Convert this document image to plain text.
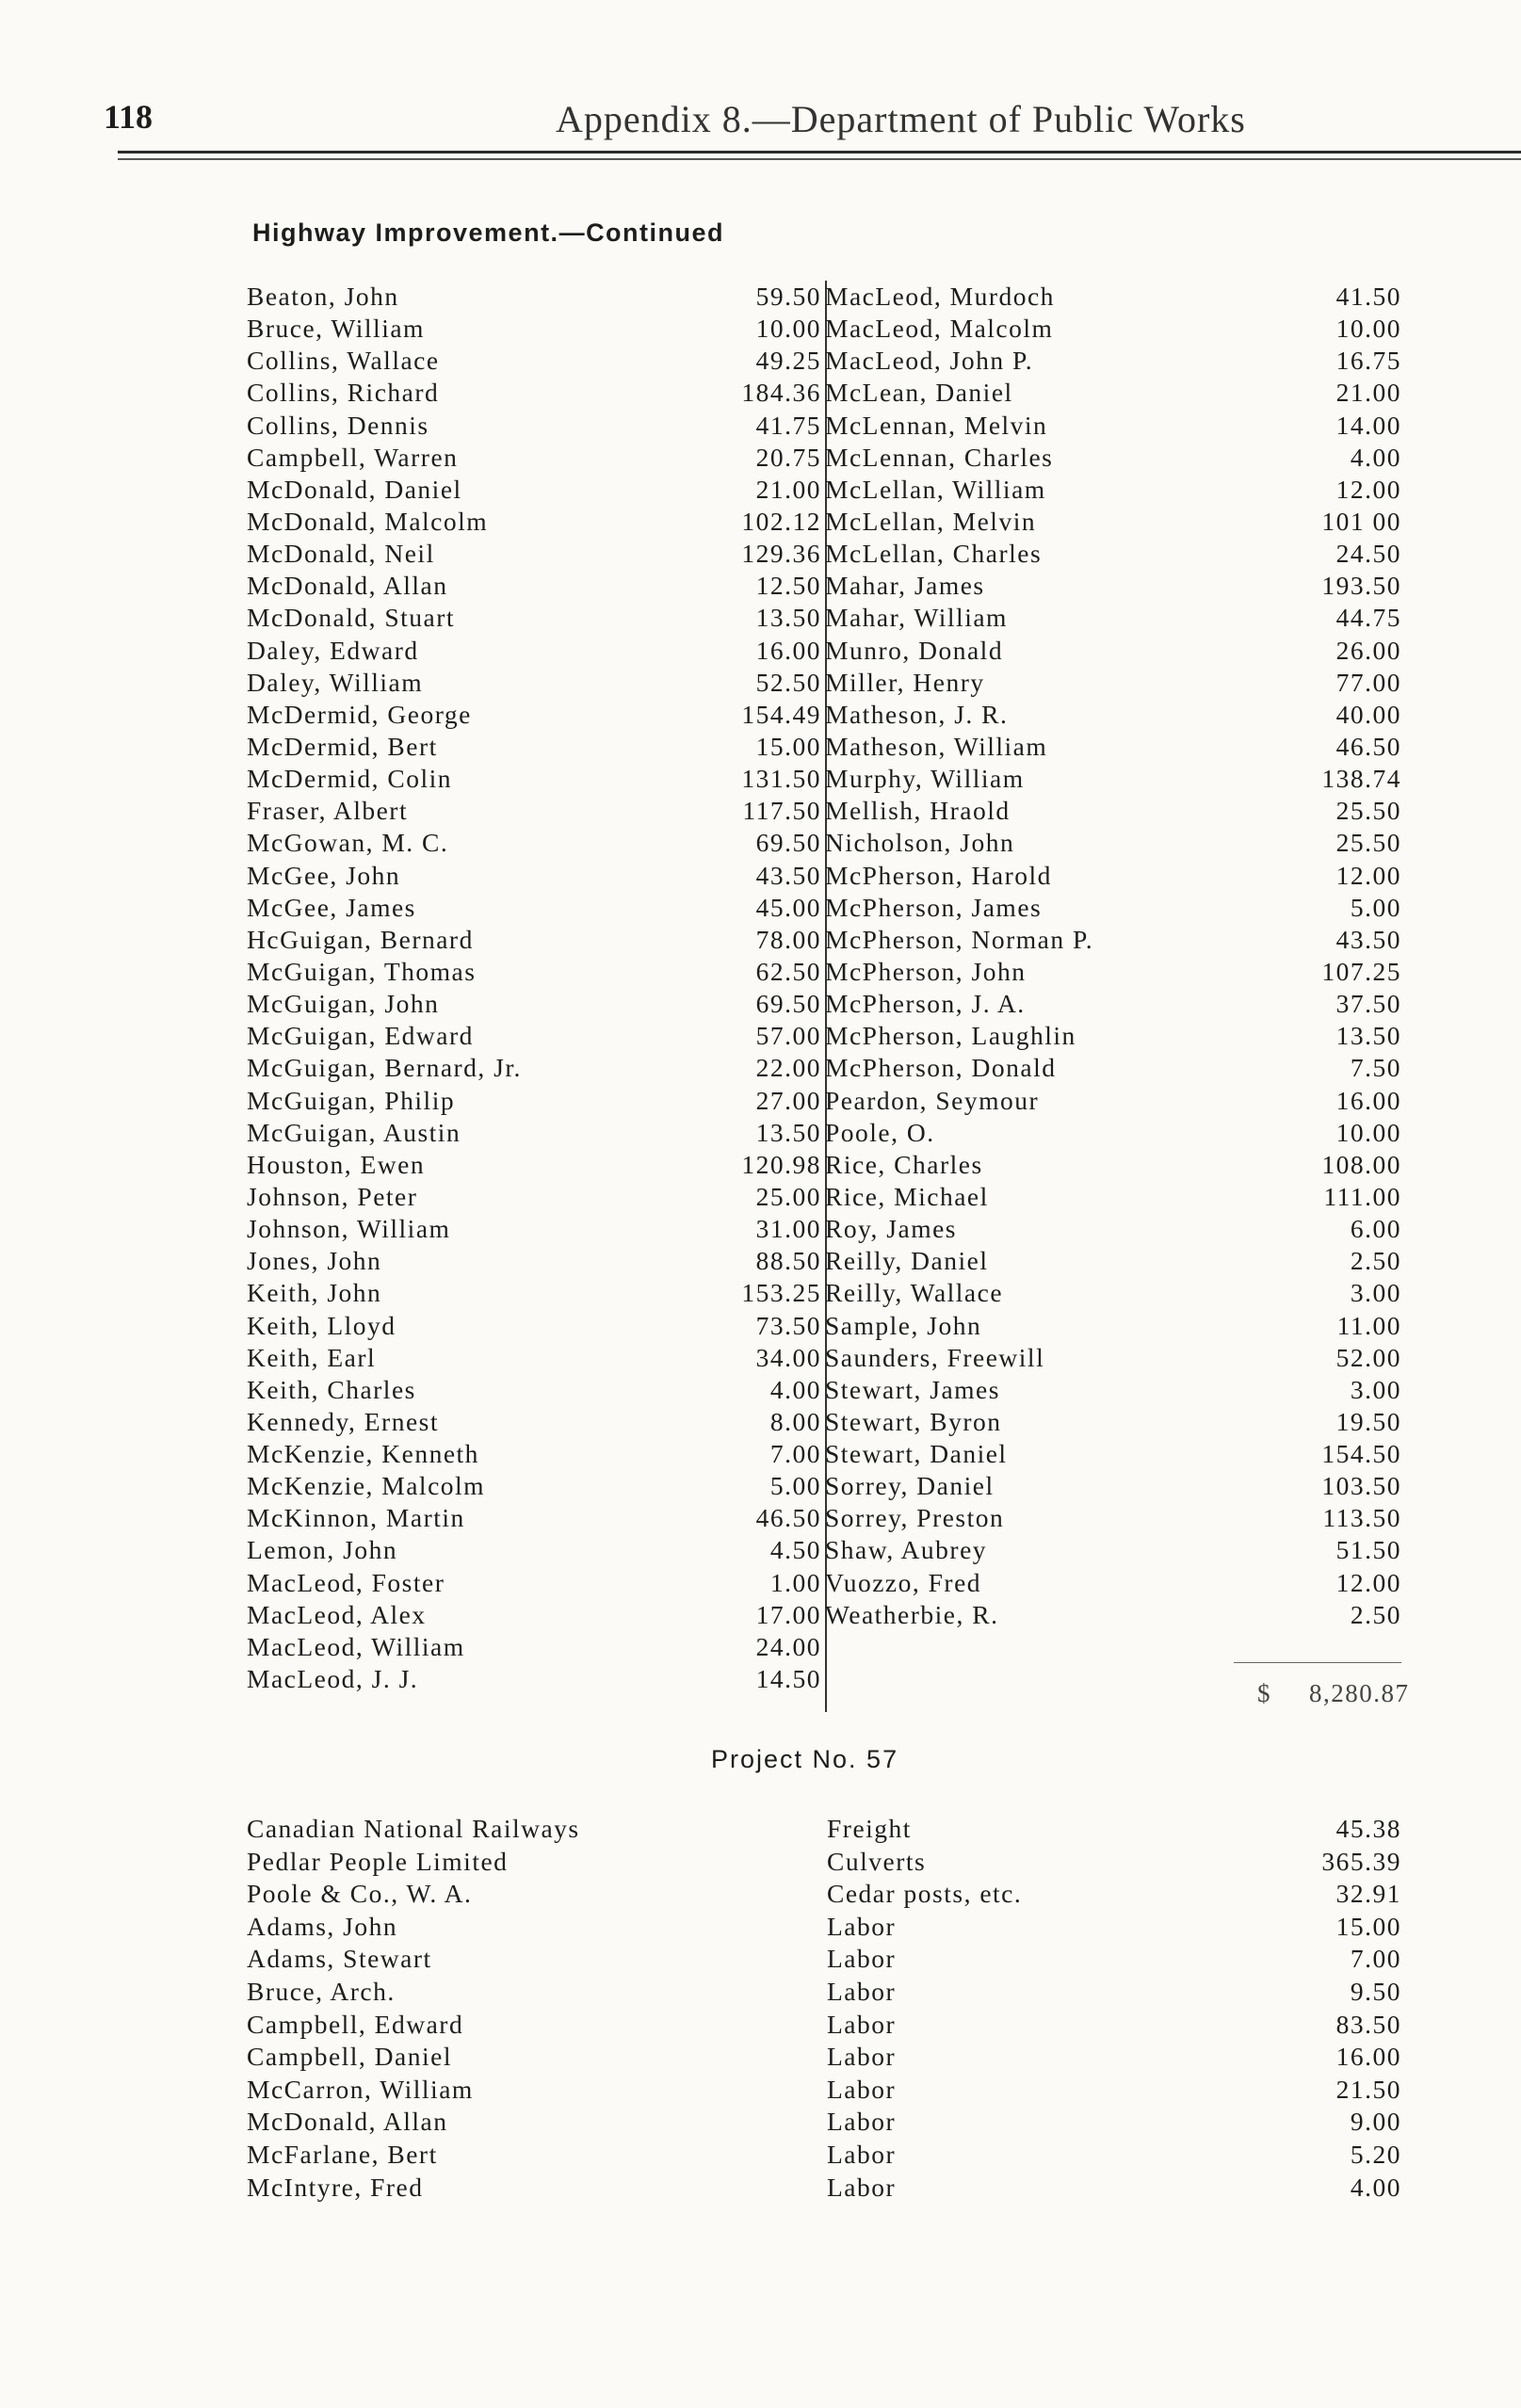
118	Appendix 8.—Department of Public Works
Highway Improvement.—Continued
Beaton, John	59.50
Bruce, William	10.00
Collins, Wallace	49.25
Collins, Richard	184.36
Collins, Dennis	41.75
Campbell, Warren	20.75
McDonald, Daniel	21.00
McDonald, Malcolm	102.12
McDonald, Neil	129.36
McDonald, Allan	12.50
McDonald, Stuart	13.50
Daley, Edward	16.00
Daley, William	52.50
McDermid, George	154.49
McDermid, Bert	15.00
McDermid, Colin	131.50
Fraser, Albert	117.50
McGowan, M. C.	69.50
McGee, John	43.50
McGee, James	45.00
HcGuigan, Bernard	78.00
McGuigan, Thomas	62.50
McGuigan, John	69.50
McGuigan, Edward	57.00
McGuigan, Bernard, Jr.	22.00
McGuigan, Philip	27.00
McGuigan, Austin	13.50
Houston, Ewen	120.98
Johnson, Peter	25.00
Johnson, William	31.00
Jones, John	88.50
Keith, John	153.25
Keith, Lloyd	73.50
Keith, Earl	34.00
Keith, Charles	4.00
Kennedy, Ernest	8.00
McKenzie, Kenneth	7.00
McKenzie, Malcolm	5.00
McKinnon, Martin	46.50
Lemon, John	4.50
MacLeod, Foster	1.00
MacLeod, Alex	17.00
MacLeod, William	24.00
MacLeod, J. J.	14.50
MacLeod, Murdoch	41.50
MacLeod, Malcolm	10.00
MacLeod, John P.	16.75
McLean, Daniel	21.00
McLennan, Melvin	14.00
McLennan, Charles	4.00
McLellan, William	12.00
McLellan, Melvin	101 00
McLellan, Charles	24.50
Mahar, James	193.50
Mahar, William	44.75
Munro, Donald	26.00
Miller, Henry	77.00
Matheson, J. R.	40.00
Matheson, William	46.50
Murphy, William	138.74
Mellish, Hraold	25.50
Nicholson, John	25.50
McPherson, Harold	12.00
McPherson, James	5.00
McPherson, Norman P.	43.50
McPherson, John	107.25
McPherson, J. A.	37.50
McPherson, Laughlin	13.50
McPherson, Donald	7.50
Peardon, Seymour	16.00
Poole, O.	10.00
Rice, Charles	108.00
Rice, Michael	111.00
Roy, James	6.00
Reilly, Daniel	2.50
Reilly, Wallace	3.00
Sample, John	11.00
Saunders, Freewill	52.00
Stewart, James	3.00
Stewart, Byron	19.50
Stewart, Daniel	154.50
Sorrey, Daniel	103.50
Sorrey, Preston	113.50
Shaw, Aubrey	51.50
Vuozzo, Fred	12.00
Weatherbie, R.	2.50
$ 8,280.87
Project No. 57
Canadian National Railways	Freight	45.38
Pedlar People Limited	Culverts	365.39
Poole & Co., W. A.	Cedar posts, etc.	32.91
Adams, John	Labor	15.00
Adams, Stewart	Labor	7.00
Bruce, Arch.	Labor	9.50
Campbell, Edward	Labor	83.50
Campbell, Daniel	Labor	16.00
McCarron, William	Labor	21.50
McDonald, Allan	Labor	9.00
McFarlane, Bert	Labor	5.20
McIntyre, Fred	Labor	4.00
